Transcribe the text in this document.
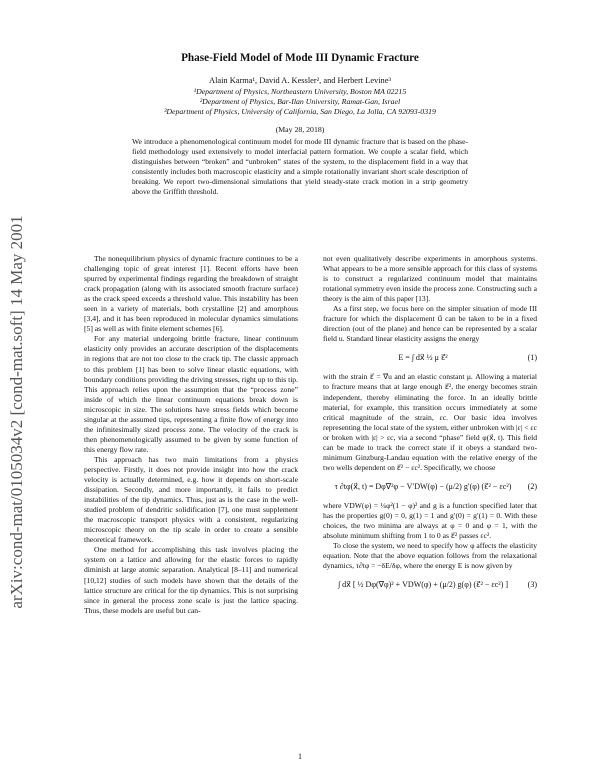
arXiv:cond-mat/0105034v2 [cond-mat.soft] 14 May 2001
Phase-Field Model of Mode III Dynamic Fracture
Alain Karma¹, David A. Kessler², and Herbert Levine³
¹Department of Physics, Northeastern University, Boston MA 02215
²Department of Physics, Bar-Ilan University, Ramat-Gan, Israel
³Department of Physics, University of California, San Diego, La Jolla, CA 92093-0319
(May 28, 2018)
We introduce a phenomenological continuum model for mode III dynamic fracture that is based on the phase-field methodology used extensively to model interfacial pattern formation. We couple a scalar field, which distinguishes between “broken” and “unbroken” states of the system, to the displacement field in a way that consistently includes both macroscopic elasticity and a simple rotationally invariant short scale description of breaking. We report two-dimensional simulations that yield steady-state crack motion in a strip geometry above the Griffith threshold.

The nonequilibrium physics of dynamic fracture continues to be a challenging topic of great interest [1]. Recent efforts have been spurred by experimental findings regarding the breakdown of straight crack propagation (along with its associated smooth fracture surface) as the crack speed exceeds a threshold value. This instability has been seen in a variety of materials, both crystalline [2] and amorphous [3,4], and it has been reproduced in molecular dynamics simulations [5] as well as with finite element schemes [6].

For any material undergoing brittle fracture, linear continuum elasticity only provides an accurate description of the displacements in regions that are not too close to the crack tip. The classic approach to this problem [1] has been to solve linear elastic equations, with boundary conditions providing the driving stresses, right up to this tip. This approach relies upon the assumption that the “process zone” inside of which the linear continuum equations break down is microscopic in size. The solutions have stress fields which become singular at the assumed tips, representing a finite flow of energy into the infinitesimally sized process zone. The velocity of the crack is then phenomenologically assumed to be given by some function of this energy flow rate.

This approach has two main limitations from a physics perspective. Firstly, it does not provide insight into how the crack velocity is actually determined, e.g. how it depends on short-scale dissipation. Secondly, and more importantly, it fails to predict instabilities of the tip dynamics. Thus, just as is the case in the well-studied problem of dendritic solidification [7], one must supplement the macroscopic transport physics with a consistent, regularizing microscopic theory on the tip scale in order to create a sensible theoretical framework.

One method for accomplishing this task involves placing the system on a lattice and allowing for the elastic forces to rapidly diminish at large atomic separation. Analytical [8–11] and numerical [10,12] studies of such models have shown that the details of the lattice structure are critical for the tip dynamics. This is not surprising since in general the process zone scale is just the lattice spacing. Thus, these models are useful but can-

not even qualitatively describe experiments in amorphous systems. What appears to be a more sensible approach for this class of systems is to construct a regularized continuum model that maintains rotational symmetry even inside the process zone. Constructing such a theory is the aim of this paper [13].

As a first step, we focus here on the simpler situation of mode III fracture for which the displacement u⃗ can be taken to be in a fixed direction (out of the plane) and hence can be represented by a scalar field u. Standard linear elasticity assigns the energy

E = ∫ dx⃗ ½ μ ε⃗²	(1)

with the strain ε⃗ = ∇⃗u and an elastic constant μ. Allowing a material to fracture means that at large enough ε⃗², the energy becomes strain independent, thereby eliminating the force. In an ideally brittle material, for example, this transition occurs immediately at some critical magnitude of the strain, εc. Our basic idea involves representing the local state of the system, either unbroken with |ε| < εc or broken with |ε| > εc, via a second “phase” field φ(x⃗, t). This field can be made to track the correct state if it obeys a standard two-minimum Ginzburg-Landau equation with the relative energy of the two wells dependent on ε⃗² − εc². Specifically, we choose

τ ∂tφ(x⃗, t) = Dφ∇²φ − V′DW(φ) − (μ/2) g′(φ) (ε⃗² − εc²)	(2)

where VDW(φ) = ¼φ²(1 − φ)² and g is a function specified later that has the properties g(0) = 0, g(1) = 1 and g′(0) = g′(1) = 0. With these choices, the two minima are always at φ = 0 and φ = 1, with the absolute minimum shifting from 1 to 0 as ε⃗² passes εc².

To close the system, we need to specify how φ affects the elasticity equation. Note that the above equation follows from the relaxational dynamics, τ∂tφ = −δE/δφ, where the energy E is now given by

∫ dx⃗ [ ½ Dφ(∇⃗φ)² + VDW(φ) + (μ/2) g(φ) (ε⃗² − εc²) ]	(3)
1
